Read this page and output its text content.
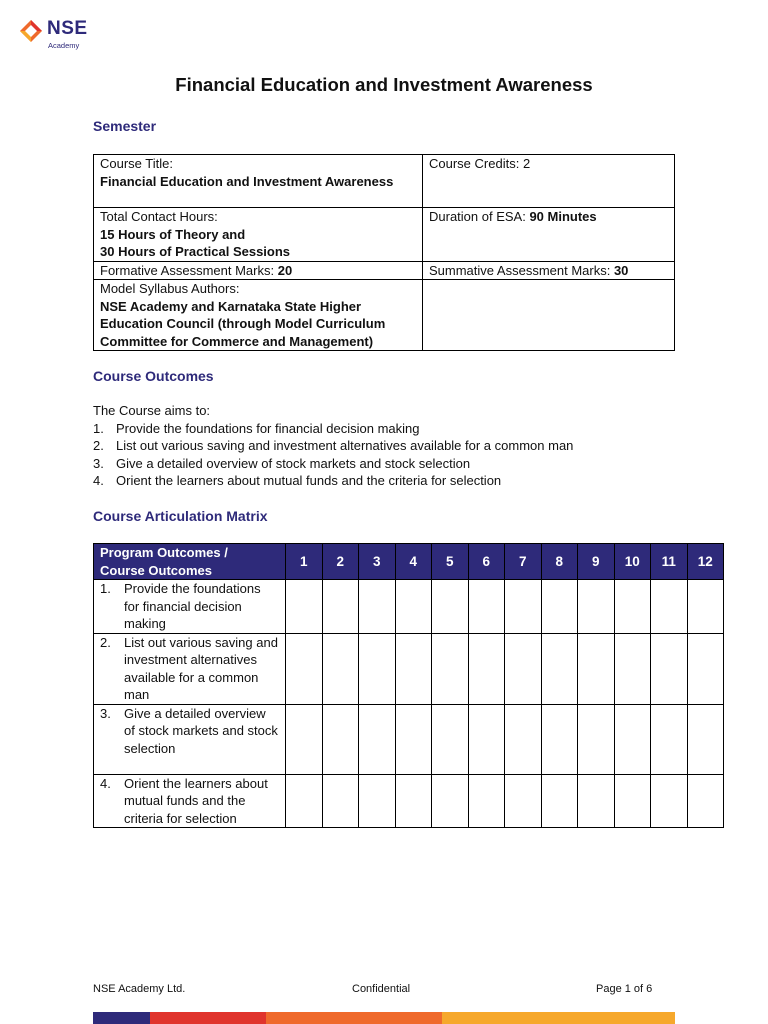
NSE
Academy
Financial Education and Investment Awareness
Semester
Course Title:
Financial Education and Investment Awareness	Course Credits: 2
Total Contact Hours:
15 Hours of Theory and
30 Hours of Practical Sessions	Duration of ESA: 90 Minutes
Formative Assessment Marks: 20	Summative Assessment Marks: 30
Model Syllabus Authors:
NSE Academy and Karnataka State Higher Education Council (through Model Curriculum Committee for Commerce and Management)	
Course Outcomes
The Course aims to:
1. Provide the foundations for financial decision making
2. List out various saving and investment alternatives available for a common man
3. Give a detailed overview of stock markets and stock selection
4. Orient the learners about mutual funds and the criteria for selection
Course Articulation Matrix
Program Outcomes /
Course Outcomes	1	2	3	4	5	6	7	8	9	10	11	12

1. Provide the foundations for financial decision making												

2. List out various saving and investment alternatives available for a common man												

3. Give a detailed overview of stock markets and stock selection												

4. Orient the learners about mutual funds and the criteria for selection												

NSE Academy Ltd.	Confidential	Page 1 of 6
